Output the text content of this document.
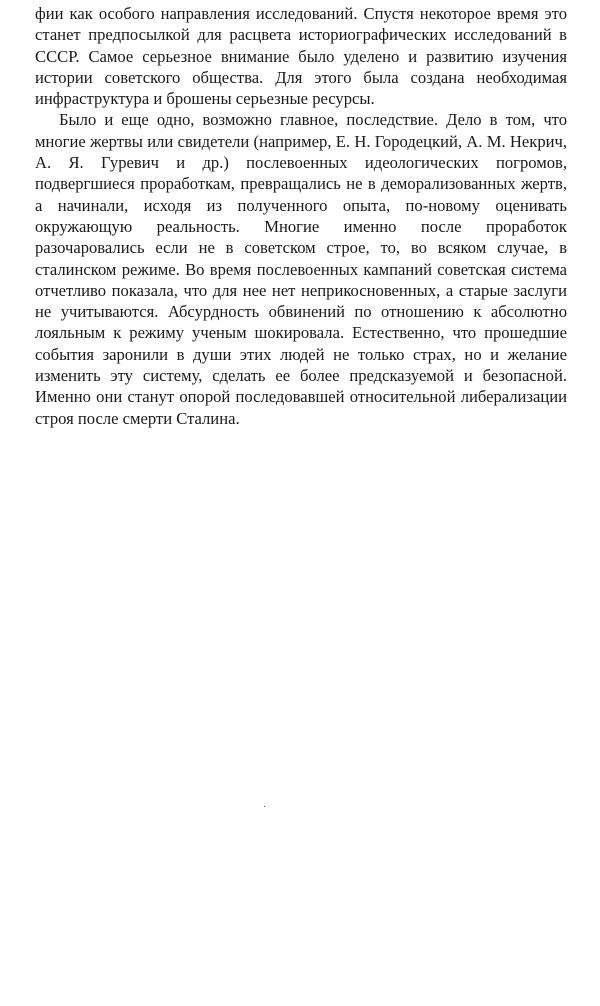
фии как особого направления исследований. Спустя некоторое время это станет предпосылкой для расцвета историографических исследований в СССР. Самое серьезное внимание было уделено и развитию изучения истории советского общества. Для этого была создана необходимая инфраструктура и брошены серьезные ресурсы.

Было и еще одно, возможно главное, последствие. Дело в том, что многие жертвы или свидетели (например, Е. Н. Городецкий, А. М. Некрич, А. Я. Гуревич и др.) послевоенных идеологических погромов, подвергшиеся проработкам, превращались не в деморализованных жертв, а начинали, исходя из полученного опыта, по-новому оценивать окружающую реальность. Многие именно после проработок разочаровались если не в советском строе, то, во всяком случае, в сталинском режиме. Во время послевоенных кампаний советская система отчетливо показала, что для нее нет неприкосновенных, а старые заслуги не учитываются. Абсурдность обвинений по отношению к абсолютно лояльным к режиму ученым шокировала. Естественно, что прошедшие события заронили в души этих людей не только страх, но и желание изменить эту систему, сделать ее более предсказуемой и безопасной. Именно они станут опорой последовавшей относительной либерализации строя после смерти Сталина.
